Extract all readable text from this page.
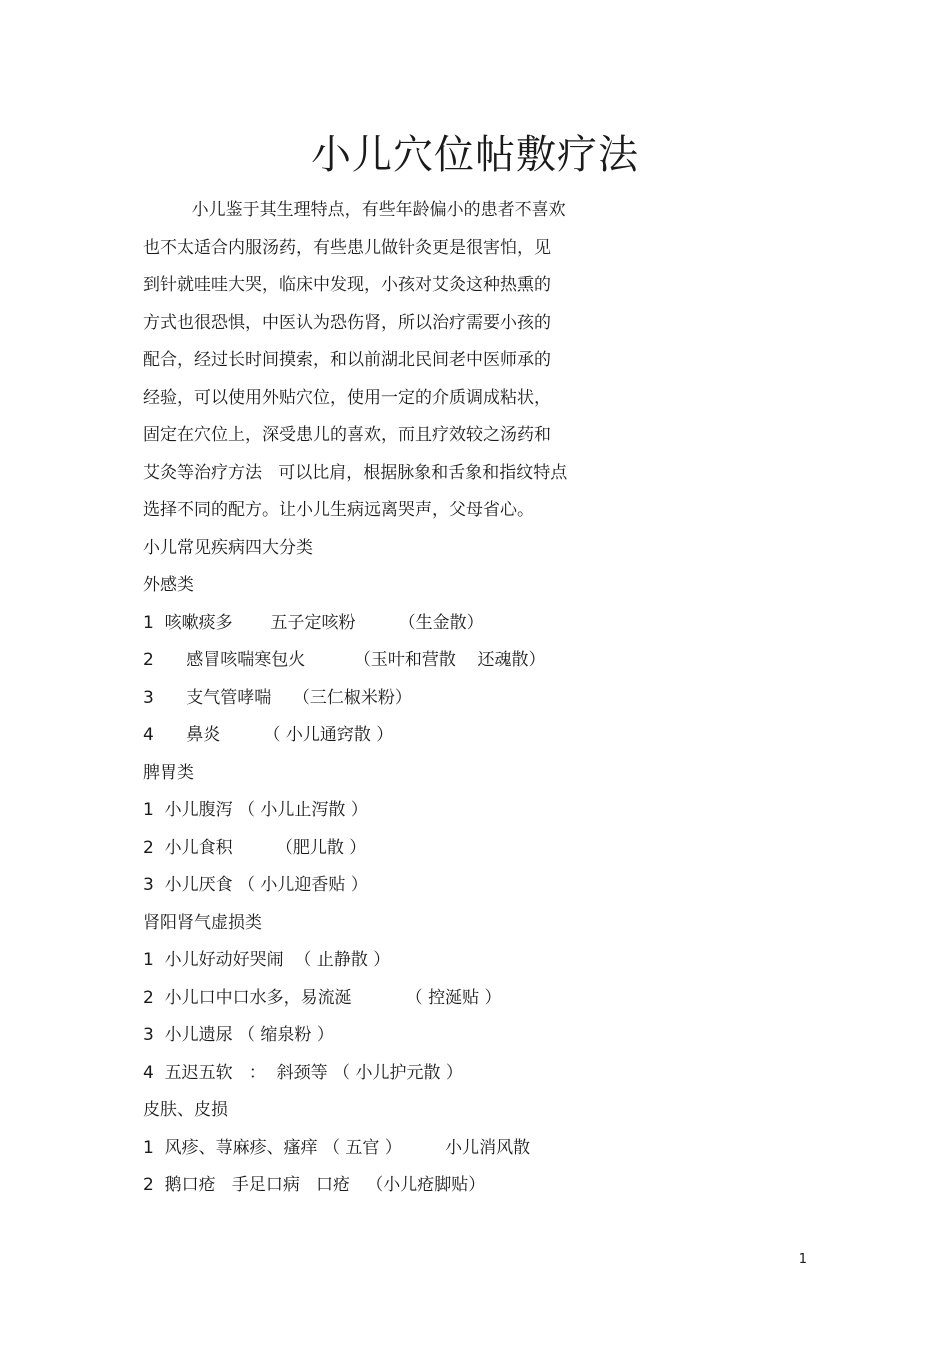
小儿穴位帖敷疗法

小儿鉴于其生理特点，有些年龄偏小的患者不喜欢

也不太适合内服汤药，有些患儿做针灸更是很害怕，见

到针就哇哇大哭，临床中发现，小孩对艾灸这种热熏的

方式也很恐惧，中医认为恐伤肾，所以治疗需要小孩的

配合，经过长时间摸索，和以前湖北民间老中医师承的

经验，可以使用外贴穴位，使用一定的介质调成粘状，

固定在穴位上，深受患儿的喜欢，而且疗效较之汤药和

艾灸等治疗方法   可以比肩，根据脉象和舌象和指纹特点

选择不同的配方。让小儿生病远离哭声，父母省心。

小儿常见疾病四大分类

外感类

1  咳嗽痰多       五子定咳粉        （生金散）

2      感冒咳喘寒包火         （玉叶和营散    还魂散）

3      支气管哮喘    （三仁椒米粉）

4      鼻炎        （ 小儿通窍散 ）

脾胃类

1  小儿腹泻 （ 小儿止泻散 ）

2  小儿食积        （肥儿散 ）

3  小儿厌食 （ 小儿迎香贴 ）

肾阳肾气虚损类

1  小儿好动好哭闹  （ 止静散 ）

2  小儿口中口水多，易流涎          （ 控涎贴 ）

3  小儿遗尿 （ 缩泉粉 ）

4  五迟五软   ：  斜颈等 （ 小儿护元散 ）

皮肤、皮损

1  风疹、荨麻疹、瘙痒 （ 五官 ）        小儿消风散

2  鹅口疮   手足口病   口疮   （小儿疮脚贴）

1
